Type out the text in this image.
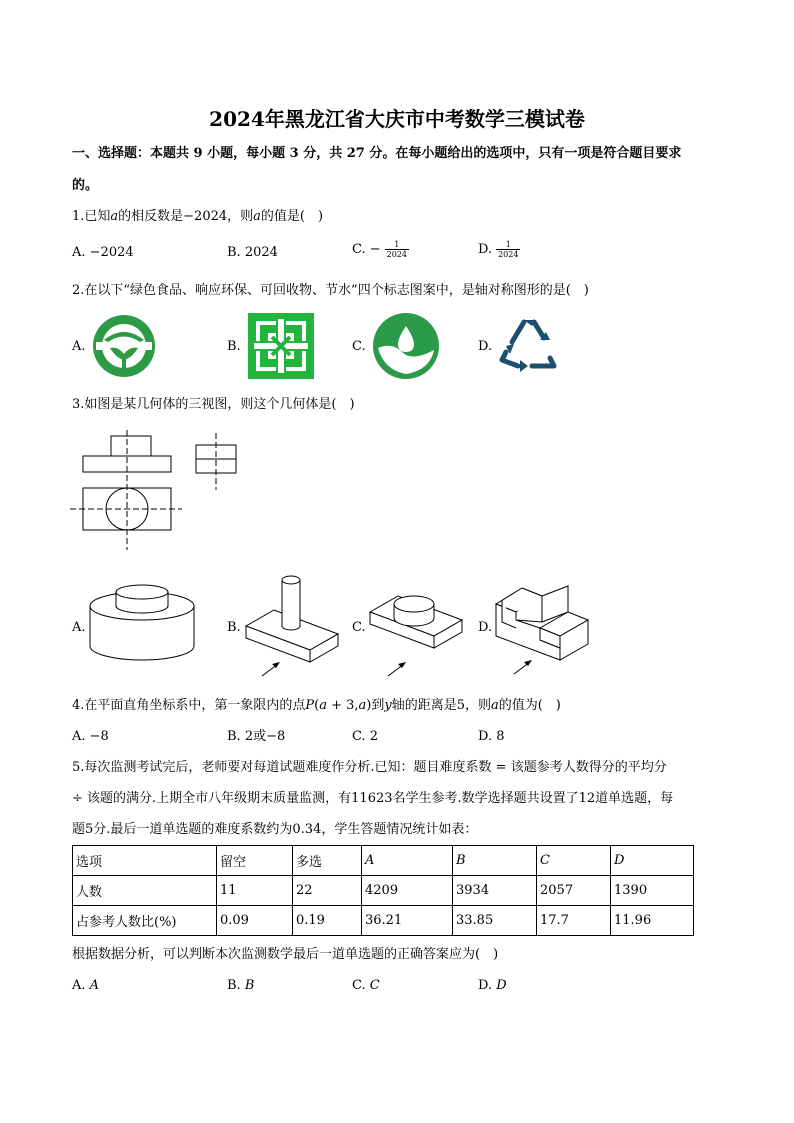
2024年黑龙江省大庆市中考数学三模试卷
一、选择题：本题共 9 小题，每小题 3 分，共 27 分。在每小题给出的选项中，只有一项是符合题目要求
的。
1.已知𝑎的相反数是−2024，则𝑎的值是(　)
A. −2024	B. 2024	C. − $\frac{1}{2024}$	D. $\frac{1}{2024}$
2.在以下“绿色食品、响应环保、可回收物、节水”四个标志图案中，是轴对称图形的是(　)
A.	B.	C.	D.
3.如图是某几何体的三视图，则这个几何体是(　)
A.	B.	C.	D.
4.在平面直角坐标系中，第一象限内的点𝑃(𝑎 + 3,𝑎)到𝑦轴的距离是5，则𝑎的值为(　)
A. −8	B. 2或−8	C. 2	D. 8
5.每次监测考试完后，老师要对每道试题难度作分析.已知：题目难度系数 = 该题参考人数得分的平均分
÷ 该题的满分.上期全市八年级期末质量监测，有11623名学生参考.数学选择题共设置了12道单选题，每
题5分.最后一道单选题的难度系数约为0.34，学生答题情况统计如表：
选项	留空	多选	𝐴	𝐵	𝐶	𝐷
人数	11	22	4209	3934	2057	1390
占参考人数比(%)	0.09	0.19	36.21	33.85	17.7	11.96
根据数据分析，可以判断本次监测数学最后一道单选题的正确答案应为(　)
A. 𝐴	B. 𝐵	C. 𝐶	D. 𝐷
